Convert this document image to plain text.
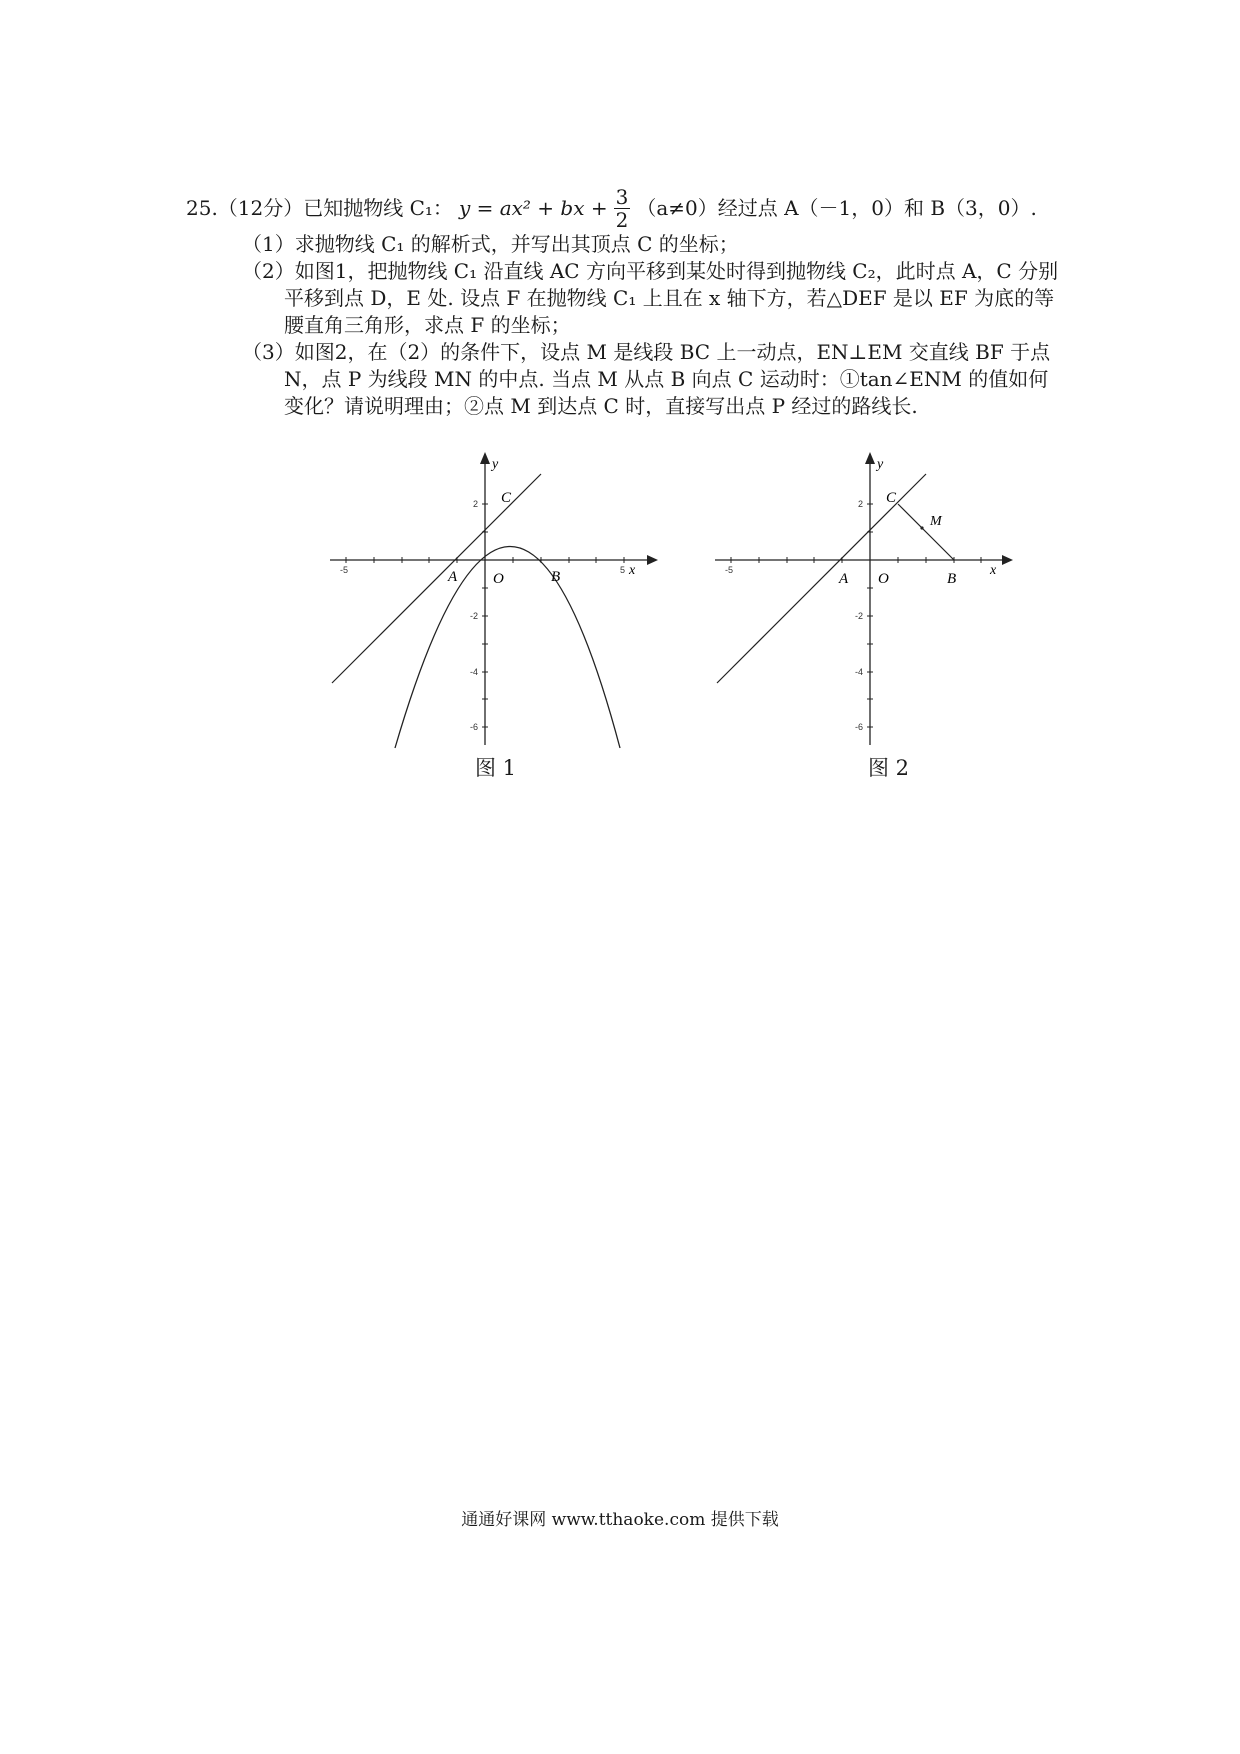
25.（12分）已知抛物线 C₁： y = ax² + bx + $\frac{3}{2} (a\ne 0)$经过点 A（－1，0）和 B（3，0）.
（1）求抛物线 C₁ 的解析式，并写出其顶点 C 的坐标；
（2）如图1，把抛物线 C₁ 沿直线 AC 方向平移到某处时得到抛物线 C₂，此时点 A，C 分别平移到点 D，E 处. 设点 F 在抛物线 C₁ 上且在 x 轴下方，若△DEF 是以 EF 为底的等腰直角三角形，求点 F 的坐标；
（3）如图2，在（2）的条件下，设点 M 是线段 BC 上一动点，EN⊥EM 交直线 BF 于点 N，点 P 为线段 MN 的中点. 当点 M 从点 B 向点 C 运动时：①tan∠ENM 的值如何变化？请说明理由；②点 M 到达点 C 时，直接写出点 P 经过的路线长.
A O	B
C
x
y
-5	5
2
-2
-4
-6
图 1
A O	B
C
M
x
y
-5
2
-2
-4
-6
图 2
通通好课网 www.tthaoke.com 提供下载
